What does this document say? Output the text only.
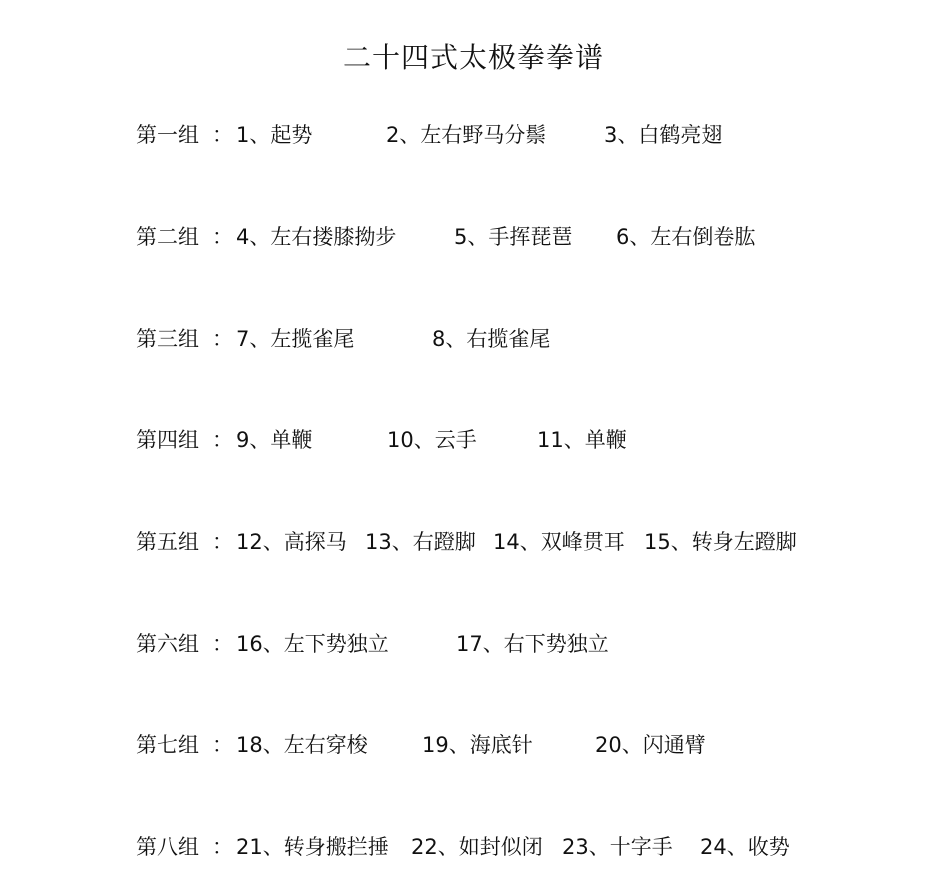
二十四式太极拳拳谱
第一组 ： 1、起势	2、左右野马分鬃	3、白鹤亮翅
第二组 ： 4、左右搂膝拗步	5、手挥琵琶 6、左右倒卷肱
第三组 ： 7、左揽雀尾	8、右揽雀尾
第四组 ： 9、单鞭	10、云手	11、单鞭
第五组 ： 12、高探马 13、右蹬脚 14、双峰贯耳 15、转身左蹬脚
第六组 ： 16、左下势独立	17、右下势独立
第七组 ： 18、左右穿梭	19、海底针	20、闪通臂
第八组 ： 21、转身搬拦捶 22、如封似闭 23、十字手 24、收势
